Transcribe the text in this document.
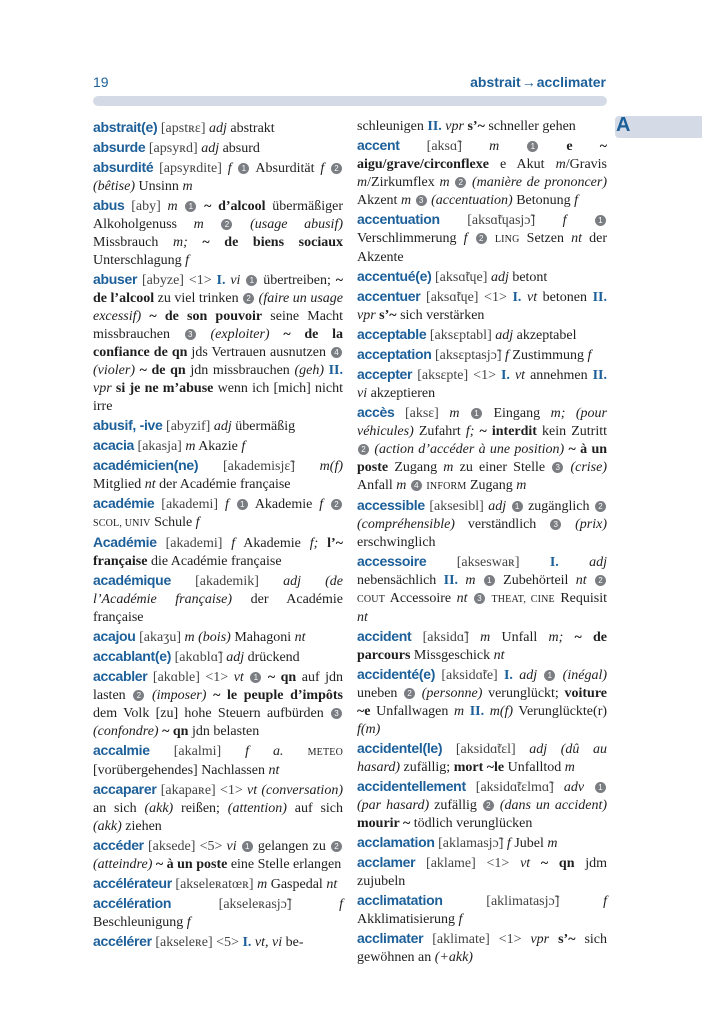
19	abstrait→acclimater
A

abstrait(e) [apstʀɛ] adj abstrakt

absurde [apsyʀd] adj absurd

absurdité [apsyʀdite] f 1 Absurdität f 2 (bêtise) Unsinn m

abus [aby] m 1 ~ d’alcool übermäßiger Alkoholgenuss m 2 (usage abusif) Missbrauch m; ~ de biens sociaux Unterschlagung f

abuser [abyze] <1> I. vi 1 übertreiben; ~ de l’alcool zu viel trinken 2 (faire un usage excessif) ~ de son pouvoir seine Macht missbrauchen 3 (exploiter) ~ de la confiance de qn jds Vertrauen ausnutzen 4 (violer) ~ de qn jdn missbrauchen (geh) II. vpr si je ne m’abuse wenn ich [mich] nicht irre

abusif, -ive [abyzif] adj übermäßig

acacia [akasja] m Akazie f

académicien(ne) [akademisjɛ̃] m(f) Mitglied nt der Académie française

académie [akademi] f 1 Akademie f 2 SCOL, UNIV Schule f

Académie [akademi] f Akademie f; l’~ française die Académie française

académique [akademik] adj (de l’Académie française) der Académie française

acajou [akaʒu] m (bois) Mahagoni nt

accablant(e) [akɑblɑ̃] adj drückend

accabler [akɑble] <1> vt 1 ~ qn auf jdn lasten 2 (imposer) ~ le peuple d’impôts dem Volk [zu] hohe Steuern aufbürden 3 (confondre) ~ qn jdn belasten

accalmie [akalmi] f a. METEO [vorübergehendes] Nachlassen nt

accaparer [akapaʀe] <1> vt (conversation) an sich (akk) reißen; (attention) auf sich (akk) ziehen

accéder [aksede] <5> vi 1 gelangen zu 2 (atteindre) ~ à un poste eine Stelle erlangen

accélérateur [akseleʀatœʀ] m Gaspedal nt

accélération [akseleʀasjɔ̃] f Beschleunigung f

accélérer [akseleʀe] <5> I. vt, vi be-

schleunigen II. vpr s’~ schneller gehen

accent [aksɑ̃] m 1 e ~ aigu/grave/circonflexe e Akut m/Gravis m/Zirkumflex m 2 (manière de prononcer) Akzent m 3 (accentuation) Betonung f

accentuation [aksɑ̃tɥasjɔ̃] f 1 Verschlimmerung f 2 LING Setzen nt der Akzente

accentué(e) [aksɑ̃tɥe] adj betont

accentuer [aksɑ̃tɥe] <1> I. vt betonen II. vpr s’~ sich verstärken

acceptable [aksɛptabl] adj akzeptabel

acceptation [aksɛptasjɔ̃] f Zustimmung f

accepter [aksɛpte] <1> I. vt annehmen II. vi akzeptieren

accès [aksɛ] m 1 Eingang m; (pour véhicules) Zufahrt f; ~ interdit kein Zutritt 2 (action d’accéder à une position) ~ à un poste Zugang m zu einer Stelle 3 (crise) Anfall m 4 INFORM Zugang m

accessible [aksesibl] adj 1 zugänglich 2 (compréhensible) verständlich 3 (prix) erschwinglich

accessoire [akseswaʀ] I. adj nebensächlich II. m 1 Zubehörteil nt 2 COUT Accessoire nt 3 THEAT, CINE Requisit nt

accident [aksidɑ̃] m Unfall m; ~ de parcours Missgeschick nt

accidenté(e) [aksidɑ̃te] I. adj 1 (inégal) uneben 2 (personne) verunglückt; voiture ~e Unfallwagen m II. m(f) Verunglückte(r) f(m)

accidentel(le) [aksidɑ̃tɛl] adj (dû au hasard) zufällig; mort ~le Unfalltod m

accidentellement [aksidɑ̃tɛlmɑ̃] adv 1 (par hasard) zufällig 2 (dans un accident) mourir ~ tödlich verunglücken

acclamation [aklamasjɔ̃] f Jubel m

acclamer [aklame] <1> vt ~ qn jdm zujubeln

acclimatation [aklimatasjɔ̃] f Akklimatisierung f

acclimater [aklimate] <1> vpr s’~ sich gewöhnen an (+akk)
